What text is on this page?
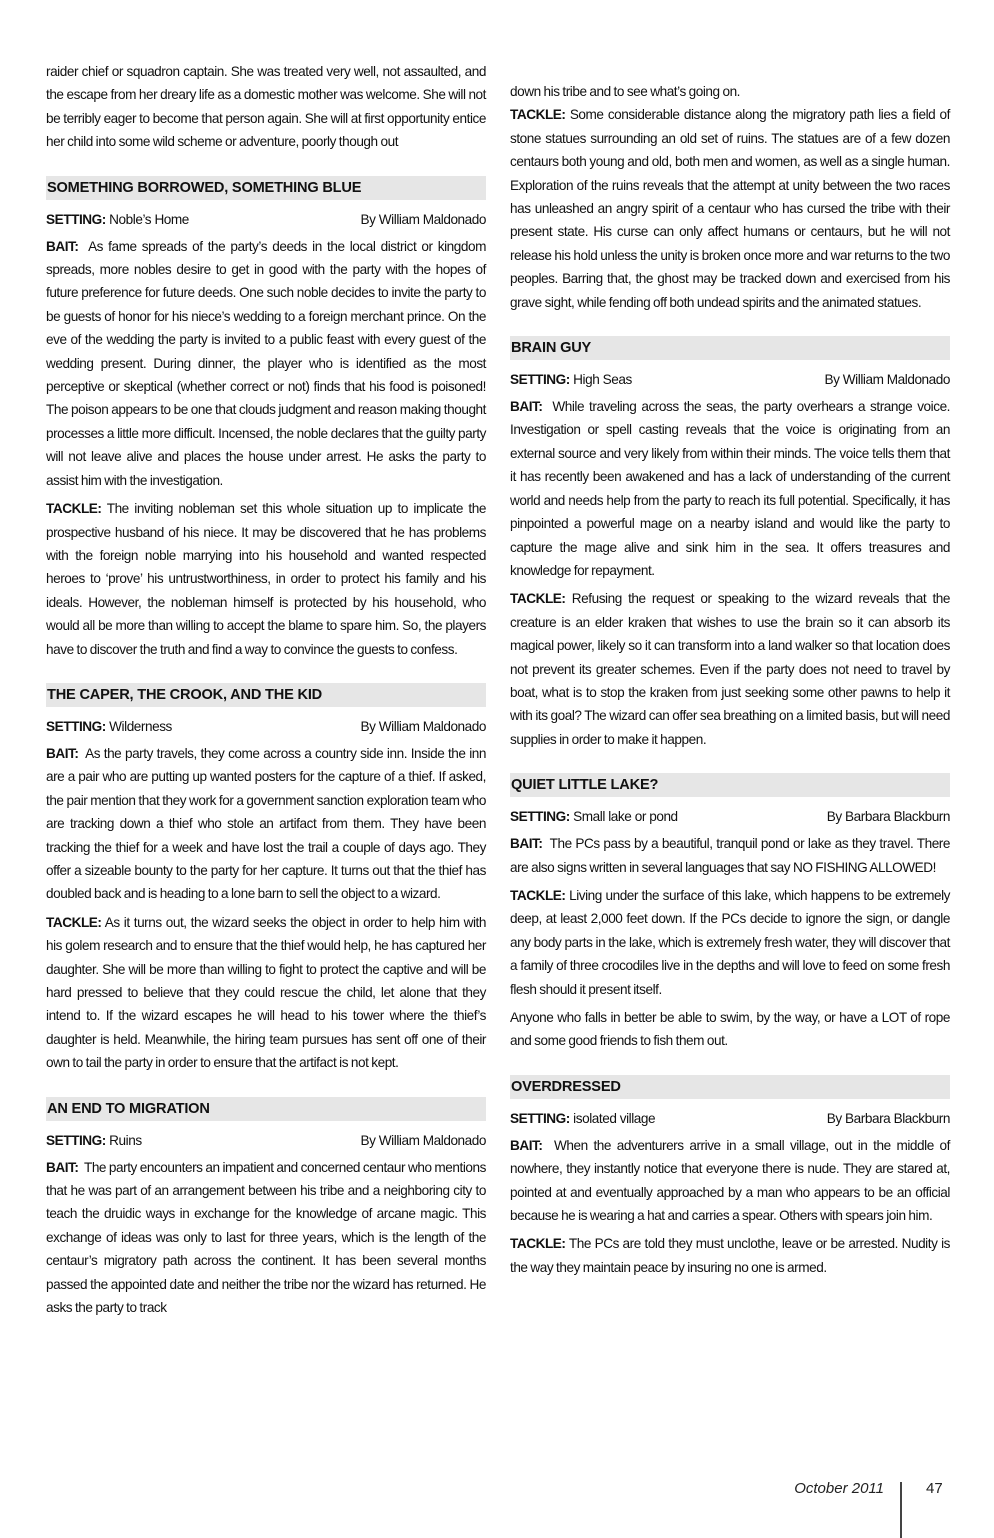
raider chief or squadron captain. She was treated very well, not assaulted, and the escape from her dreary life as a domestic mother was welcome. She will not be terribly eager to become that person again. She will at first opportunity entice her child into some wild scheme or adventure, poorly though out

SOMETHING BORROWED, SOMETHING BLUE
SETTING: Noble’s Home	By William Maldonado

BAIT: As fame spreads of the party’s deeds in the local district or kingdom spreads, more nobles desire to get in good with the party with the hopes of future preference for future deeds. One such noble decides to invite the party to be guests of honor for his niece’s wedding to a foreign merchant prince. On the eve of the wedding the party is invited to a public feast with every guest of the wedding present. During dinner, the player who is identified as the most perceptive or skeptical (whether correct or not) finds that his food is poisoned! The poison appears to be one that clouds judgment and reason making thought processes a little more difficult. Incensed, the noble declares that the guilty party will not leave alive and places the house under arrest. He asks the party to assist him with the investigation.

TACKLE: The inviting nobleman set this whole situation up to implicate the prospective husband of his niece. It may be discovered that he has problems with the foreign noble marrying into his household and wanted respected heroes to ‘prove’ his untrustworthiness, in order to protect his family and his ideals. However, the nobleman himself is protected by his household, who would all be more than willing to accept the blame to spare him. So, the players have to discover the truth and find a way to convince the guests to confess.

THE CAPER, THE CROOK, AND THE KID
SETTING: Wilderness	By William Maldonado

BAIT: As the party travels, they come across a country side inn. Inside the inn are a pair who are putting up wanted posters for the capture of a thief. If asked, the pair mention that they work for a government sanction exploration team who are tracking down a thief who stole an artifact from them. They have been tracking the thief for a week and have lost the trail a couple of days ago. They offer a sizeable bounty to the party for her capture. It turns out that the thief has doubled back and is heading to a lone barn to sell the object to a wizard.

TACKLE: As it turns out, the wizard seeks the object in order to help him with his golem research and to ensure that the thief would help, he has captured her daughter. She will be more than willing to fight to protect the captive and will be hard pressed to believe that they could rescue the child, let alone that they intend to. If the wizard escapes he will head to his tower where the thief’s daughter is held. Meanwhile, the hiring team pursues has sent off one of their own to tail the party in order to ensure that the artifact is not kept.

AN END TO MIGRATION
SETTING: Ruins	By William Maldonado

BAIT: The party encounters an impatient and concerned centaur who mentions that he was part of an arrangement between his tribe and a neighboring city to teach the druidic ways in exchange for the knowledge of arcane magic. This exchange of ideas was only to last for three years, which is the length of the centaur’s migratory path across the continent. It has been several months passed the appointed date and neither the tribe nor the wizard has returned. He asks the party to track

down his tribe and to see what’s going on.

TACKLE: Some considerable distance along the migratory path lies a field of stone statues surrounding an old set of ruins. The statues are of a few dozen centaurs both young and old, both men and women, as well as a single human. Exploration of the ruins reveals that the attempt at unity between the two races has unleashed an angry spirit of a centaur who has cursed the tribe with their present state. His curse can only affect humans or centaurs, but he will not release his hold unless the unity is broken once more and war returns to the two peoples. Barring that, the ghost may be tracked down and exercised from his grave sight, while fending off both undead spirits and the animated statues.

BRAIN GUY
SETTING: High Seas	By William Maldonado

BAIT: While traveling across the seas, the party overhears a strange voice. Investigation or spell casting reveals that the voice is originating from an external source and very likely from within their minds. The voice tells them that it has recently been awakened and has a lack of understanding of the current world and needs help from the party to reach its full potential. Specifically, it has pinpointed a powerful mage on a nearby island and would like the party to capture the mage alive and sink him in the sea. It offers treasures and knowledge for repayment.

TACKLE: Refusing the request or speaking to the wizard reveals that the creature is an elder kraken that wishes to use the brain so it can absorb its magical power, likely so it can transform into a land walker so that location does not prevent its greater schemes. Even if the party does not need to travel by boat, what is to stop the kraken from just seeking some other pawns to help it with its goal? The wizard can offer sea breathing on a limited basis, but will need supplies in order to make it happen.

QUIET LITTLE LAKE?
SETTING: Small lake or pond	By Barbara Blackburn

BAIT: The PCs pass by a beautiful, tranquil pond or lake as they travel. There are also signs written in several languages that say NO FISHING ALLOWED!

TACKLE: Living under the surface of this lake, which happens to be extremely deep, at least 2,000 feet down. If the PCs decide to ignore the sign, or dangle any body parts in the lake, which is extremely fresh water, they will discover that a family of three crocodiles live in the depths and will love to feed on some fresh flesh should it present itself.

Anyone who falls in better be able to swim, by the way, or have a LOT of rope and some good friends to fish them out.

OVERDRESSED
SETTING: isolated village	By Barbara Blackburn

BAIT: When the adventurers arrive in a small village, out in the middle of nowhere, they instantly notice that everyone there is nude. They are stared at, pointed at and eventually approached by a man who appears to be an official because he is wearing a hat and carries a spear. Others with spears join him.

TACKLE: The PCs are told they must unclothe, leave or be arrested. Nudity is the way they maintain peace by insuring no one is armed.

October 2011	47
